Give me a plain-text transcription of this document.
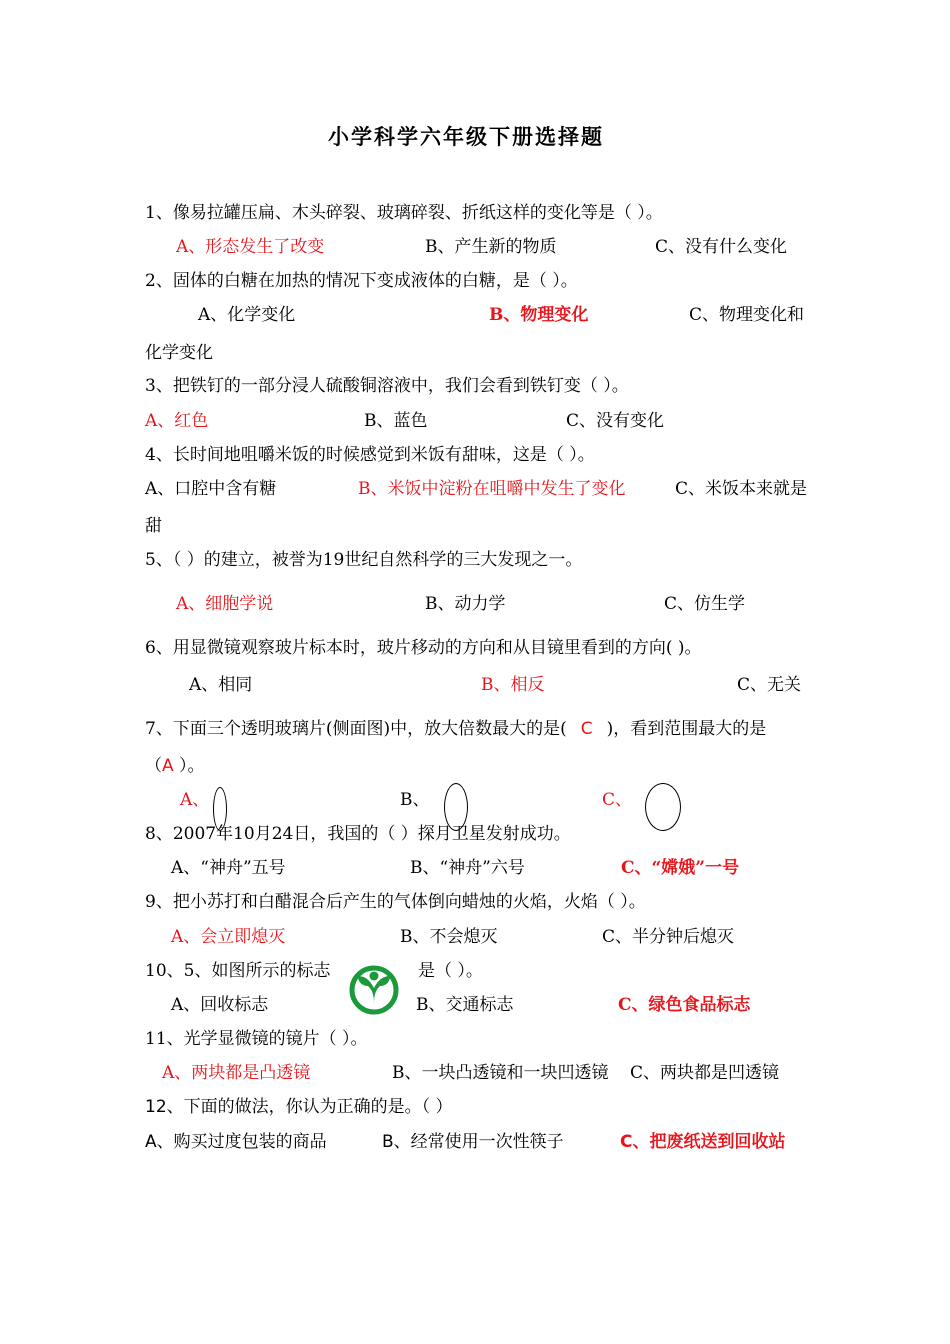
小学科学六年级下册选择题
1、像易拉罐压扁、木头碎裂、玻璃碎裂、折纸这样的变化等是（ ）。
A、形态发生了改变	B、产生新的物质	C、没有什么变化
2、固体的白糖在加热的情况下变成液体的白糖，是（ ）。
A、化学变化	B、物理变化	C、物理变化和
化学变化
3、把铁钉的一部分浸人硫酸铜溶液中，我们会看到铁钉变（ ）。
A、红色	B、蓝色	C、没有变化
4、长时间地咀嚼米饭的时候感觉到米饭有甜味，这是（ ）。
A、口腔中含有糖	B、米饭中淀粉在咀嚼中发生了变化	C、米饭本来就是
甜
5、（ ）的建立，被誉为19世纪自然科学的三大发现之一。
A、细胞学说	B、动力学	C、仿生学
6、用显微镜观察玻片标本时，玻片移动的方向和从目镜里看到的方向( )。
A、相同	B、相反	C、无关
7、下面三个透明玻璃片(侧面图)中，放大倍数最大的是( C )，看到范围最大的是
（A ）。
A、	B、	C、
8、2007年10月24日，我国的（ ）探月卫星发射成功。
A、“神舟”五号	B、“神舟”六号	C、“嫦娥”一号
9、把小苏打和白醋混合后产生的气体倒向蜡烛的火焰，火焰（ ）。
A、会立即熄灭	B、不会熄灭	C、半分钟后熄灭
10、5、如图所示的标志	是（ ）。
A、回收标志	B、交通标志	C、绿色食品标志
11、光学显微镜的镜片（ ）。
A、两块都是凸透镜	B、一块凸透镜和一块凹透镜 C、两块都是凹透镜
12、下面的做法，你认为正确的是。（ ）
A、购买过度包装的商品	B、经常使用一次性筷子	C、把废纸送到回收站
